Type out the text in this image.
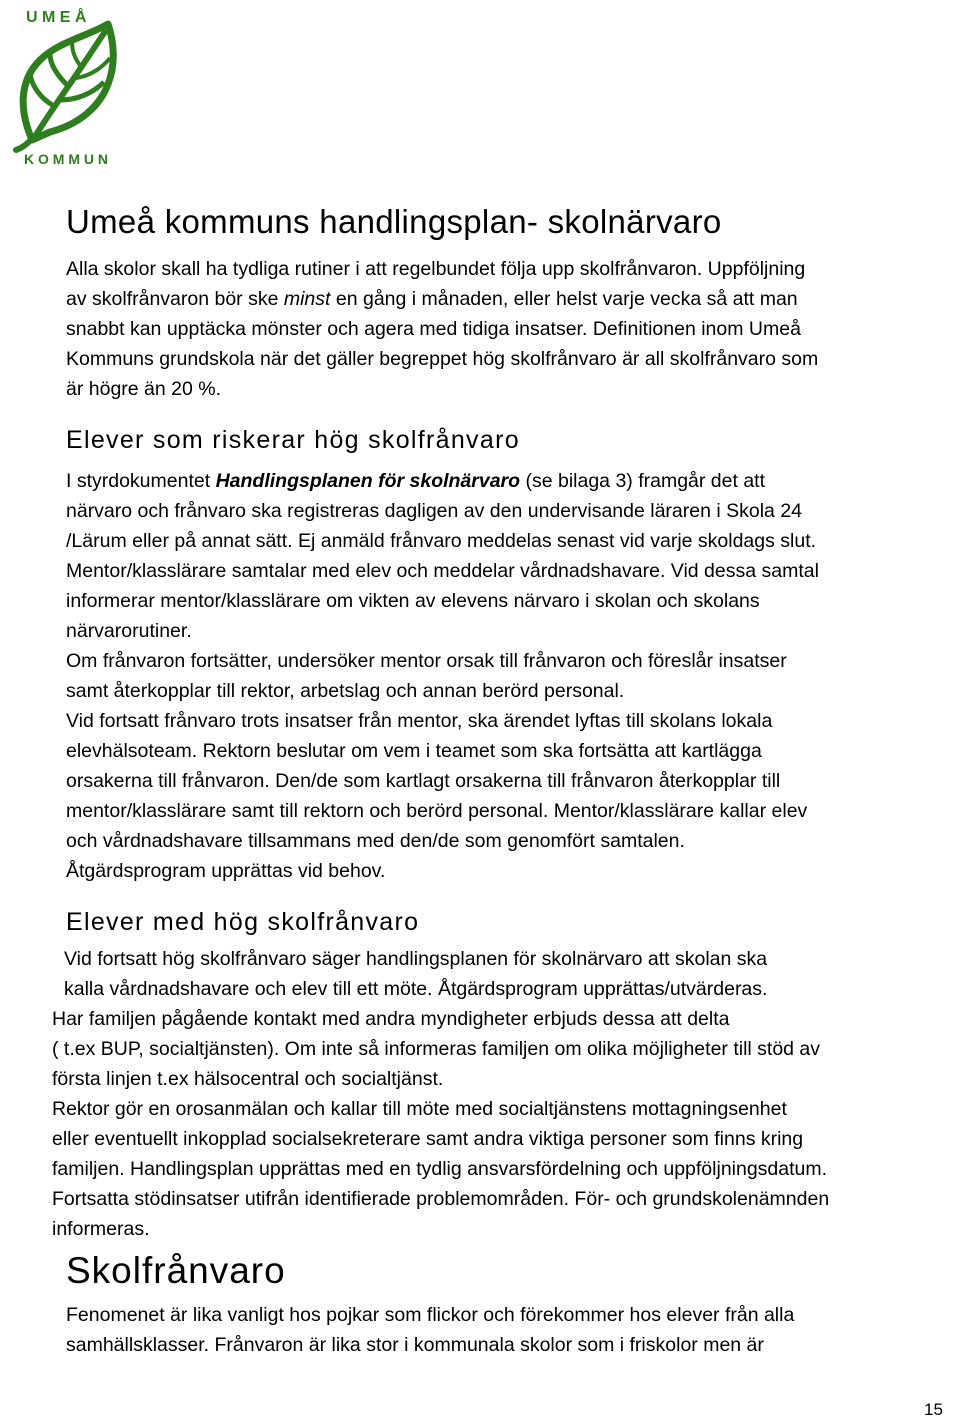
U M E Å
K O M M U N
Umeå kommuns handlingsplan- skolnärvaro
Alla skolor skall ha tydliga rutiner i att regelbundet följa upp skolfrånvaron. Uppföljning
av skolfrånvaron bör ske minst en gång i månaden, eller helst varje vecka så att man
snabbt kan upptäcka mönster och agera med tidiga insatser. Definitionen inom Umeå
Kommuns grundskola när det gäller begreppet hög skolfrånvaro är all skolfrånvaro som
är högre än 20 %.
Elever som riskerar hög skolfrånvaro
I styrdokumentet Handlingsplanen för skolnärvaro (se bilaga 3) framgår det att
närvaro och frånvaro ska registreras dagligen av den undervisande läraren i Skola 24
/Lärum eller på annat sätt. Ej anmäld frånvaro meddelas senast vid varje skoldags slut.
Mentor/klasslärare samtalar med elev och meddelar vårdnadshavare. Vid dessa samtal
informerar mentor/klasslärare om vikten av elevens närvaro i skolan och skolans
närvarorutiner.
Om frånvaron fortsätter, undersöker mentor orsak till frånvaron och föreslår insatser
samt återkopplar till rektor, arbetslag och annan berörd personal.
Vid fortsatt frånvaro trots insatser från mentor, ska ärendet lyftas till skolans lokala
elevhälsoteam. Rektorn beslutar om vem i teamet som ska fortsätta att kartlägga
orsakerna till frånvaron. Den/de som kartlagt orsakerna till frånvaron återkopplar till
mentor/klasslärare samt till rektorn och berörd personal. Mentor/klasslärare kallar elev
och vårdnadshavare tillsammans med den/de som genomfört samtalen.
Åtgärdsprogram upprättas vid behov.
Elever med hög skolfrånvaro
Vid fortsatt hög skolfrånvaro säger handlingsplanen för skolnärvaro att skolan ska
kalla vårdnadshavare och elev till ett möte. Åtgärdsprogram upprättas/utvärderas.
Har familjen pågående kontakt med andra myndigheter erbjuds dessa att delta
( t.ex BUP, socialtjänsten). Om inte så informeras familjen om olika möjligheter till stöd av
första linjen t.ex hälsocentral och socialtjänst.
Rektor gör en orosanmälan och kallar till möte med socialtjänstens mottagningsenhet
eller eventuellt inkopplad socialsekreterare samt andra viktiga personer som finns kring
familjen. Handlingsplan upprättas med en tydlig ansvarsfördelning och uppföljningsdatum.
Fortsatta stödinsatser utifrån identifierade problemområden. För- och grundskolenämnden
informeras.
Skolfrånvaro
Fenomenet är lika vanligt hos pojkar som flickor och förekommer hos elever från alla
samhällsklasser. Frånvaron är lika stor i kommunala skolor som i friskolor men är
15
